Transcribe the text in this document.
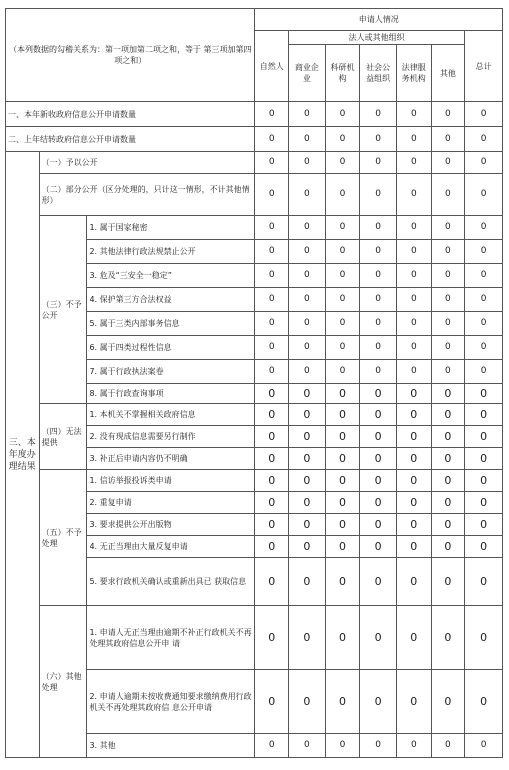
（本列数据的勾稽关系为：第一项加第二项之和，等于 第三项加第四项之和）			申请人情况						
			自然人	法人或其他组织					总计
				商业企业	科研机构	社会公益组织	法律服务机构	其他	
一、本年新收政府信息公开申请数量			0	0	0	0	0	0	0
二、上年结转政府信息公开申请数量			0	0	0	0	0	0	0
三、本年度办理结果	（一）予以公开		0	0	0	0	0	0	0
	（二）部分公开（区分处理的，只计这一情形，不计其他情形）		0	0	0	0	0	0	0
	（三）不予公开	1. 属于国家秘密	0	0	0	0	0	0	0
		2. 其他法律行政法规禁止公开	0	0	0	0	0	0	0
		3. 危及“三安全一稳定”	0	0	0	0	0	0	0
		4. 保护第三方合法权益	0	0	0	0	0	0	0
		5. 属于三类内部事务信息	0	0	0	0	0	0	0
		6. 属于四类过程性信息	0	0	0	0	0	0	0
		7. 属于行政执法案卷	0	0	0	0	0	0	0
		8. 属于行政查询事项	0	0	0	0	0	0	0
	（四）无法提供	1. 本机关不掌握相关政府信息	0	0	0	0	0	0	0
		2. 没有现成信息需要另行制作	0	0	0	0	0	0	0
		3. 补正后申请内容仍不明确	0	0	0	0	0	0	0
	（五）不予处理	1. 信访举报投诉类申请	0	0	0	0	0	0	0
		2. 重复申请	0	0	0	0	0	0	0
		3. 要求提供公开出版物	0	0	0	0	0	0	0
		4. 无正当理由大量反复申请	0	0	0	0	0	0	0
		5. 要求行政机关确认或重新出具已 获取信息	0	0	0	0	0	0	0
	（六）其他处理	1. 申请人无正当理由逾期不补正行政机关不再处理其政府信息公开申 请	0	0	0	0	0	0	0
		2. 申请人逾期未按收费通知要求缴纳费用行政机关不再处理其政府信 息公开申请	0	0	0	0	0	0	0
		3. 其他	0	0	0	0	0	0	0
